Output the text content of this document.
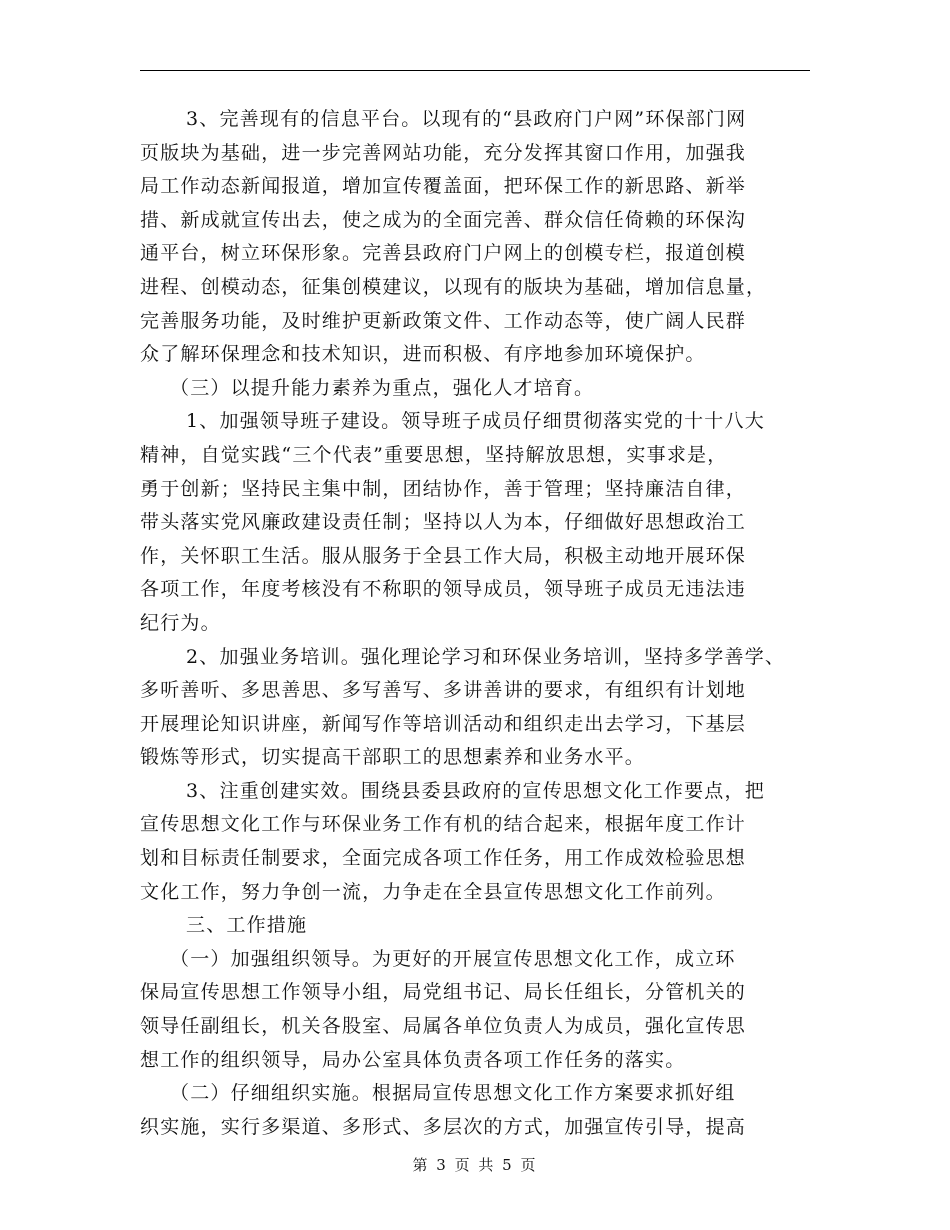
3、完善现有的信息平台。以现有的“县政府门户网”环保部门网
页版块为基础，进一步完善网站功能，充分发挥其窗口作用，加强我
局工作动态新闻报道，增加宣传覆盖面，把环保工作的新思路、新举
措、新成就宣传出去，使之成为的全面完善、群众信任倚赖的环保沟
通平台，树立环保形象。完善县政府门户网上的创模专栏，报道创模
进程、创模动态，征集创模建议，以现有的版块为基础，增加信息量，
完善服务功能，及时维护更新政策文件、工作动态等，使广阔人民群
众了解环保理念和技术知识，进而积极、有序地参加环境保护。
（三）以提升能力素养为重点，强化人才培育。
1、加强领导班子建设。领导班子成员仔细贯彻落实党的十十八大
精神，自觉实践“三个代表”重要思想，坚持解放思想，实事求是，
勇于创新；坚持民主集中制，团结协作，善于管理；坚持廉洁自律，
带头落实党风廉政建设责任制；坚持以人为本，仔细做好思想政治工
作，关怀职工生活。服从服务于全县工作大局，积极主动地开展环保
各项工作，年度考核没有不称职的领导成员，领导班子成员无违法违
纪行为。
2、加强业务培训。强化理论学习和环保业务培训，坚持多学善学、
多听善听、多思善思、多写善写、多讲善讲的要求，有组织有计划地
开展理论知识讲座，新闻写作等培训活动和组织走出去学习，下基层
锻炼等形式，切实提高干部职工的思想素养和业务水平。
3、注重创建实效。围绕县委县政府的宣传思想文化工作要点，把
宣传思想文化工作与环保业务工作有机的结合起来，根据年度工作计
划和目标责任制要求，全面完成各项工作任务，用工作成效检验思想
文化工作，努力争创一流，力争走在全县宣传思想文化工作前列。
三、工作措施
（一）加强组织领导。为更好的开展宣传思想文化工作，成立环
保局宣传思想工作领导小组，局党组书记、局长任组长，分管机关的
领导任副组长，机关各股室、局属各单位负责人为成员，强化宣传思
想工作的组织领导，局办公室具体负责各项工作任务的落实。
（二）仔细组织实施。根据局宣传思想文化工作方案要求抓好组
织实施，实行多渠道、多形式、多层次的方式，加强宣传引导，提高
第 3 页 共 5 页
